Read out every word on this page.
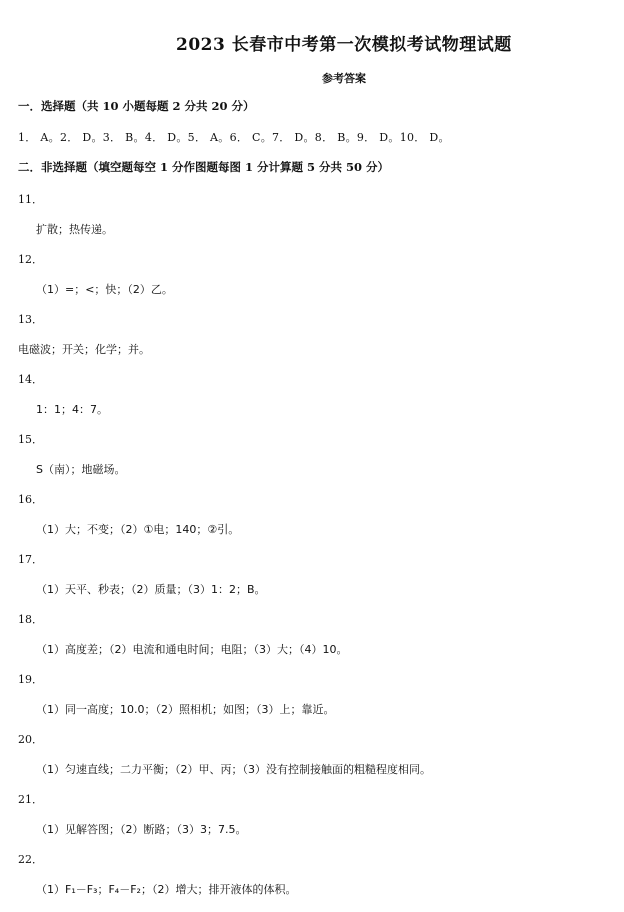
2023 长春市中考第一次模拟考试物理试题
参考答案
一．选择题（共 10 小题每题 2 分共 20 分）
1． A。2． D。3． B。4． D。5． A。6． C。7． D。8． B。9． D。10． D。
二．非选择题（填空题每空 1 分作图题每图 1 分计算题 5 分共 50 分）
11．
扩散；热传递。
12．
（1）=；<；快；（2）乙。
13．
电磁波；开关；化学；并。
14．
1：1；4：7。
15．
S（南）；地磁场。
16．
（1）大；不变；（2）①电；140；②引。
17．
（1）天平、秒表；（2）质量；（3）1：2；B。
18．
（1）高度差；（2）电流和通电时间；电阻；（3）大；（4）10。
19．
（1）同一高度；10.0；（2）照相机；如图；（3）上；靠近。
20．
（1）匀速直线；二力平衡；（2）甲、丙；（3）没有控制接触面的粗糙程度相同。
21．
（1）见解答图；（2）断路；（3）3；7.5。
22．
（1）F₁－F₃；F₄－F₂；（2）增大；排开液体的体积。
